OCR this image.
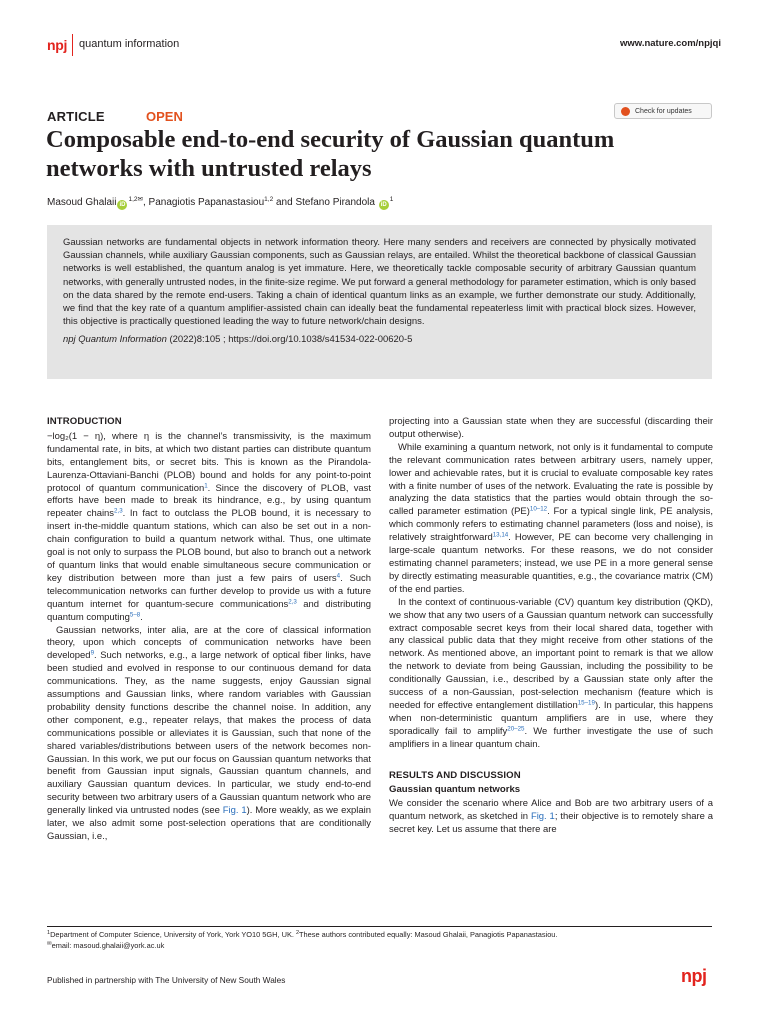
npj quantum information	www.nature.com/npjqi
ARTICLE	OPEN	Check for updates
Composable end-to-end security of Gaussian quantum networks with untrusted relays
Masoud Ghalaii $iD^{1,2✉}$, Panagiotis Papanastasiou$^{1,2}$ and Stefano Pirandola $iD^1$

Gaussian networks are fundamental objects in network information theory. Here many senders and receivers are connected by physically motivated Gaussian channels, while auxiliary Gaussian components, such as Gaussian relays, are entailed. Whilst the theoretical backbone of classical Gaussian networks is well established, the quantum analog is yet immature. Here, we theoretically tackle composable security of arbitrary Gaussian quantum networks, with generally untrusted nodes, in the finite-size regime. We put forward a general methodology for parameter estimation, which is only based on the data shared by the remote end-users. Taking a chain of identical quantum links as an example, we further demonstrate our study. Additionally, we find that the key rate of a quantum amplifier-assisted chain can ideally beat the fundamental repeaterless limit with practical block sizes. However, this objective is practically questioned leading the way to future network/chain designs.

npj Quantum Information (2022)8:105 ; https://doi.org/10.1038/s41534-022-00620-5

INTRODUCTION

−log₂(1 − η), where η is the channel’s transmissivity, is the maximum fundamental rate, in bits, at which two distant parties can distribute quantum bits, entanglement bits, or secret bits. This is known as the Pirandola-Laurenza-Ottaviani-Banchi (PLOB) bound and holds for any point-to-point protocol of quantum communication$^1$. Since the discovery of PLOB, vast efforts have been made to break its hindrance, e.g., by using quantum repeater chains$^{2,3}$. In fact to outclass the PLOB bound, it is necessary to insert in-the-middle quantum stations, which can also be set out in a non-chain configuration to build a quantum network withal. Thus, one ultimate goal is not only to surpass the PLOB bound, but also to branch out a network of quantum links that would enable simultaneous secure communication or key distribution between more than just a few pairs of users$^4$. Such telecommunication networks can further develop to provide us with a future quantum internet for quantum-secure communications$^{2,3}$ and distributing quantum computing$^{5-8}$.

Gaussian networks, inter alia, are at the core of classical information theory, upon which concepts of communication networks have been developed$^9$. Such networks, e.g., a large network of optical fiber links, have been studied and evolved in response to our continuous demand for data communications. They, as the name suggests, enjoy Gaussian signal assumptions and Gaussian links, where random variables with Gaussian probability density functions describe the channel noise. In addition, any other component, e.g., repeater relays, that makes the process of data communications possible or alleviates it is Gaussian, such that none of the shared variables/distributions between users of the network becomes non-Gaussian. In this work, we put our focus on Gaussian quantum networks that benefit from Gaussian input signals, Gaussian quantum channels, and auxiliary Gaussian quantum devices. In particular, we study end-to-end security between two arbitrary users of a Gaussian quantum network who are generally linked via untrusted nodes (see Fig. 1). More weakly, as we explain later, we also admit some post-selection operations that are conditionally Gaussian, i.e.,

projecting into a Gaussian state when they are successful (discarding their output otherwise).

While examining a quantum network, not only is it fundamental to compute the relevant communication rates between arbitrary users, namely upper, lower and achievable rates, but it is crucial to evaluate composable key rates with a finite number of uses of the network. Evaluating the rate is possible by analyzing the data statistics that the parties would obtain through the so-called parameter estimation (PE)$^{10-12}$. For a typical single link, PE analysis, which commonly refers to estimating channel parameters (loss and noise), is relatively straightforward$^{13,14}$. However, PE can become very challenging in large-scale quantum networks. For these reasons, we do not consider estimating channel parameters; instead, we use PE in a more general sense by directly estimating measurable quantities, e.g., the covariance matrix (CM) of the end parties.

In the context of continuous-variable (CV) quantum key distribution (QKD), we show that any two users of a Gaussian quantum network can successfully extract composable secret keys from their local shared data, together with any classical public data that they might receive from other stations of the network. As mentioned above, an important point to remark is that we allow the network to deviate from being Gaussian, including the possibility to be conditionally Gaussian, i.e., described by a Gaussian state only after the success of a non-Gaussian, post-selection mechanism (feature which is needed for effective entanglement distillation$^{15-19}$). In particular, this happens when non-deterministic quantum amplifiers are in use, where they sporadically fail to amplify$^{20-25}$. We further investigate the use of such amplifiers in a linear quantum chain.

RESULTS AND DISCUSSION
Gaussian quantum networks

We consider the scenario where Alice and Bob are two arbitrary users of a quantum network, as sketched in Fig. 1; their objective is to remotely share a secret key. Let us assume that there are

$^1$Department of Computer Science, University of York, York YO10 5GH, UK. $^2$These authors contributed equally: Masoud Ghalaii, Panagiotis Papanastasiou.
✉email: masoud.ghalaii@york.ac.uk
Published in partnership with The University of New South Wales	npj
